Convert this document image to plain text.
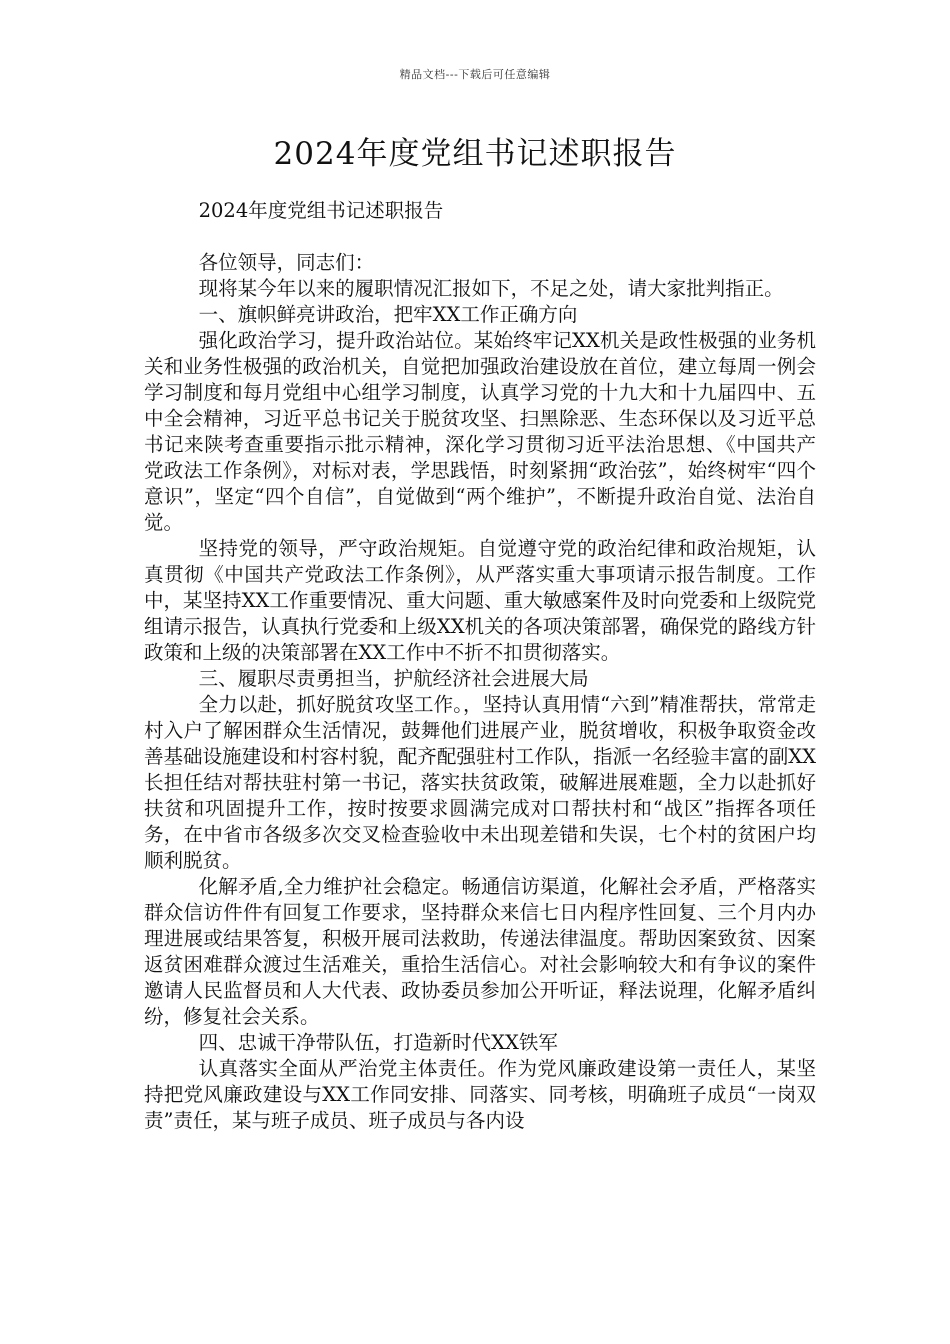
精品文档---下载后可任意编辑
2024年度党组书记述职报告

2024年度党组书记述职报告

各位领导，同志们：

现将某今年以来的履职情况汇报如下，不足之处，请大家批判指正。

一、旗帜鲜亮讲政治，把牢XX工作正确方向

强化政治学习，提升政治站位。某始终牢记XX机关是政性极强的业务机关和业务性极强的政治机关，自觉把加强政治建设放在首位，建立每周一例会学习制度和每月党组中心组学习制度，认真学习党的十九大和十九届四中、五中全会精神，习近平总书记关于脱贫攻坚、扫黑除恶、生态环保以及习近平总书记来陕考查重要指示批示精神，深化学习贯彻习近平法治思想、《中国共产党政法工作条例》，对标对表，学思践悟，时刻紧拥“政治弦”，始终树牢“四个意识”，坚定“四个自信”，自觉做到“两个维护”，不断提升政治自觉、法治自觉。

坚持党的领导，严守政治规矩。自觉遵守党的政治纪律和政治规矩，认真贯彻《中国共产党政法工作条例》，从严落实重大事项请示报告制度。工作中，某坚持XX工作重要情况、重大问题、重大敏感案件及时向党委和上级院党组请示报告，认真执行党委和上级XX机关的各项决策部署，确保党的路线方针政策和上级的决策部署在XX工作中不折不扣贯彻落实。

三、履职尽责勇担当，护航经济社会进展大局

全力以赴，抓好脱贫攻坚工作。，坚持认真用情“六到”精准帮扶，常常走村入户了解困群众生活情况，鼓舞他们进展产业，脱贫增收，积极争取资金改善基础设施建设和村容村貌，配齐配强驻村工作队，指派一名经验丰富的副XX长担任结对帮扶驻村第一书记，落实扶贫政策，破解进展难题，全力以赴抓好扶贫和巩固提升工作，按时按要求圆满完成对口帮扶村和“战区”指挥各项任务，在中省市各级多次交叉检查验收中未出现差错和失误，七个村的贫困户均顺利脱贫。

化解矛盾,全力维护社会稳定。畅通信访渠道，化解社会矛盾，严格落实群众信访件件有回复工作要求，坚持群众来信七日内程序性回复、三个月内办理进展或结果答复，积极开展司法救助，传递法律温度。帮助因案致贫、因案返贫困难群众渡过生活难关，重拾生活信心。对社会影响较大和有争议的案件邀请人民监督员和人大代表、政协委员参加公开听证，释法说理，化解矛盾纠纷，修复社会关系。

四、忠诚干净带队伍，打造新时代XX铁军

认真落实全面从严治党主体责任。作为党风廉政建设第一责任人，某坚持把党风廉政建设与XX工作同安排、同落实、同考核，明确班子成员“一岗双责”责任，某与班子成员、班子成员与各内设
